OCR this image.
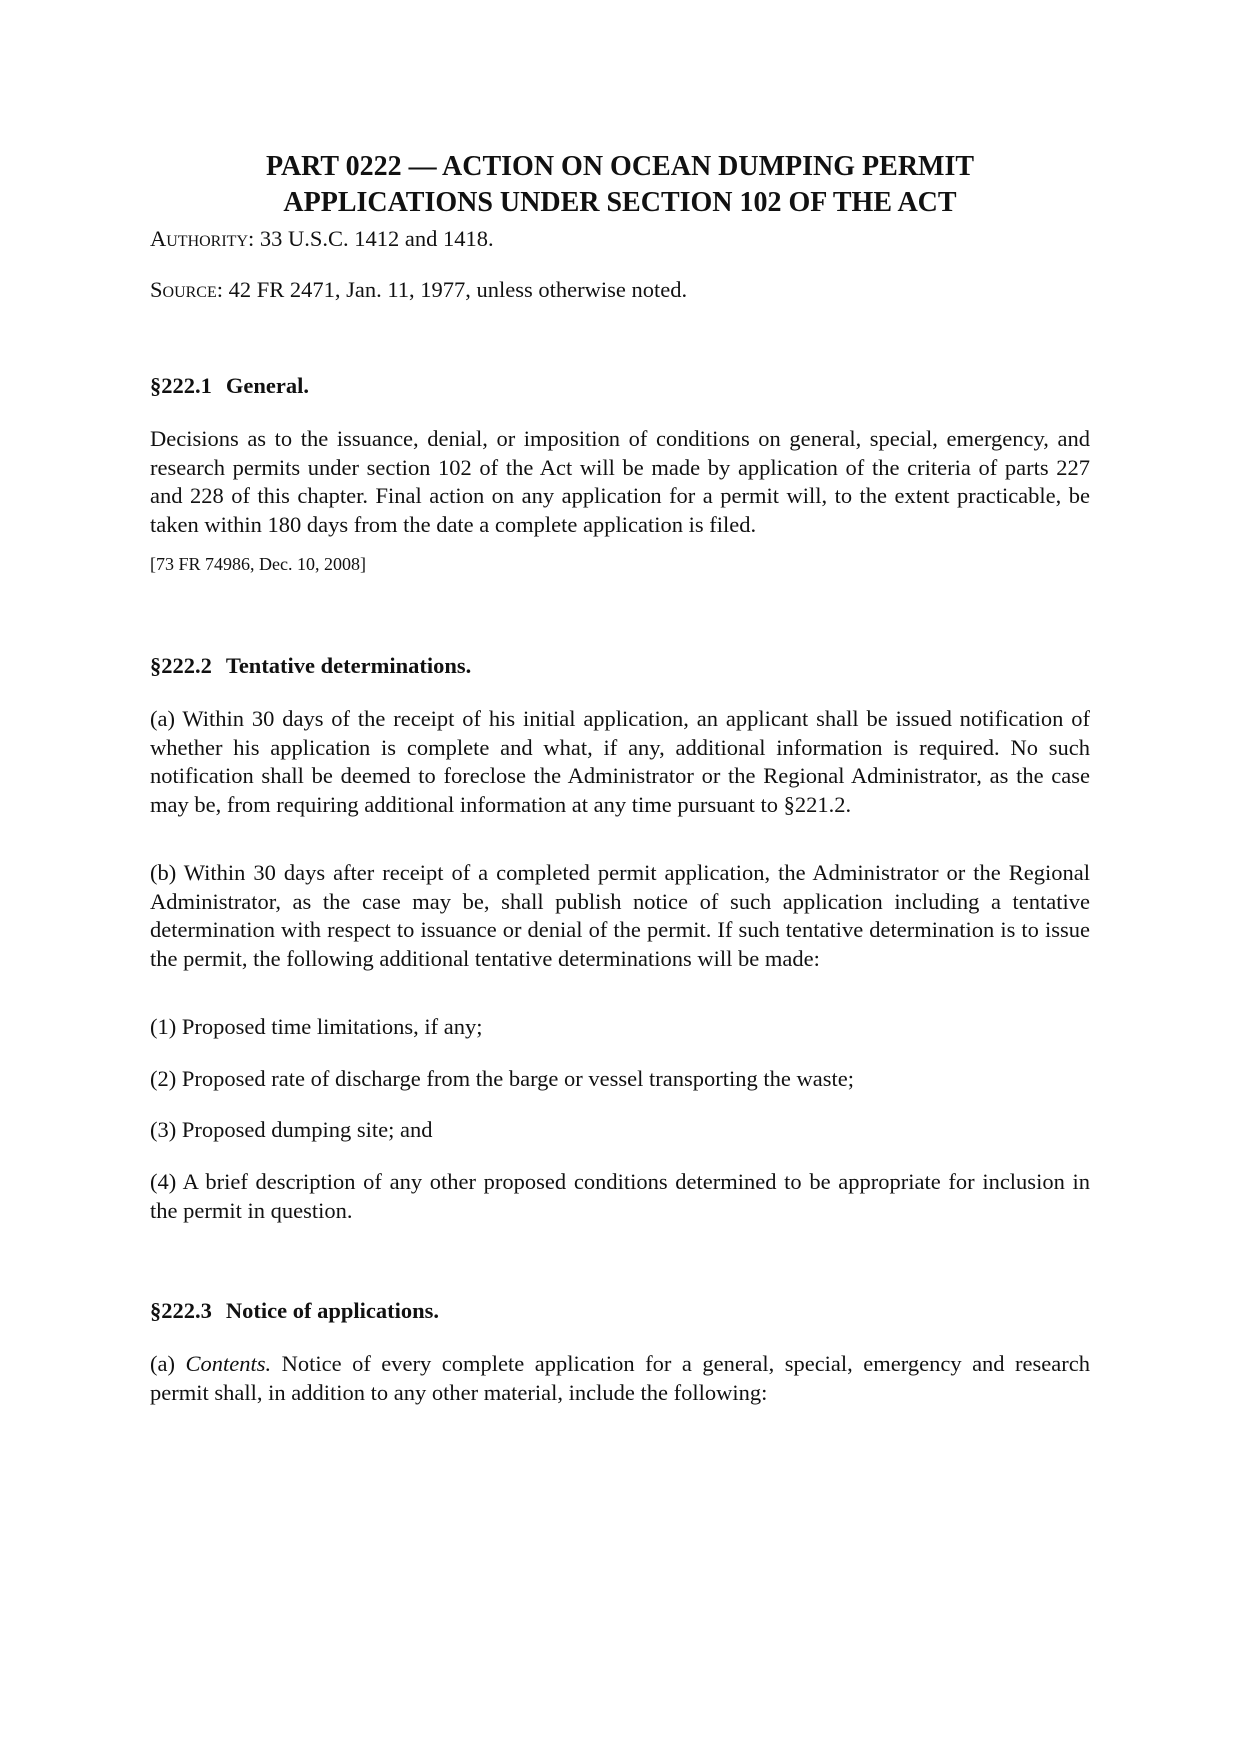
PART 0222 — ACTION ON OCEAN DUMPING PERMIT
APPLICATIONS UNDER SECTION 102 OF THE ACT

Authority: 33 U.S.C. 1412 and 1418.

Source: 42 FR 2471, Jan. 11, 1977, unless otherwise noted.

§222.1 General.

Decisions as to the issuance, denial, or imposition of conditions on general, special, emergency, and research permits under section 102 of the Act will be made by application of the criteria of parts 227 and 228 of this chapter. Final action on any application for a permit will, to the extent practicable, be taken within 180 days from the date a complete application is filed.

[73 FR 74986, Dec. 10, 2008]

§222.2 Tentative determinations.

(a) Within 30 days of the receipt of his initial application, an applicant shall be issued notification of whether his application is complete and what, if any, additional information is required. No such notification shall be deemed to foreclose the Administrator or the Regional Administrator, as the case may be, from requiring additional information at any time pursuant to §221.2.

(b) Within 30 days after receipt of a completed permit application, the Administrator or the Regional Administrator, as the case may be, shall publish notice of such application including a tentative determination with respect to issuance or denial of the permit. If such tentative determination is to issue the permit, the following additional tentative determinations will be made:

(1) Proposed time limitations, if any;

(2) Proposed rate of discharge from the barge or vessel transporting the waste;

(3) Proposed dumping site; and

(4) A brief description of any other proposed conditions determined to be appropriate for inclusion in the permit in question.

§222.3 Notice of applications.

(a) Contents. Notice of every complete application for a general, special, emergency and research permit shall, in addition to any other material, include the following:
